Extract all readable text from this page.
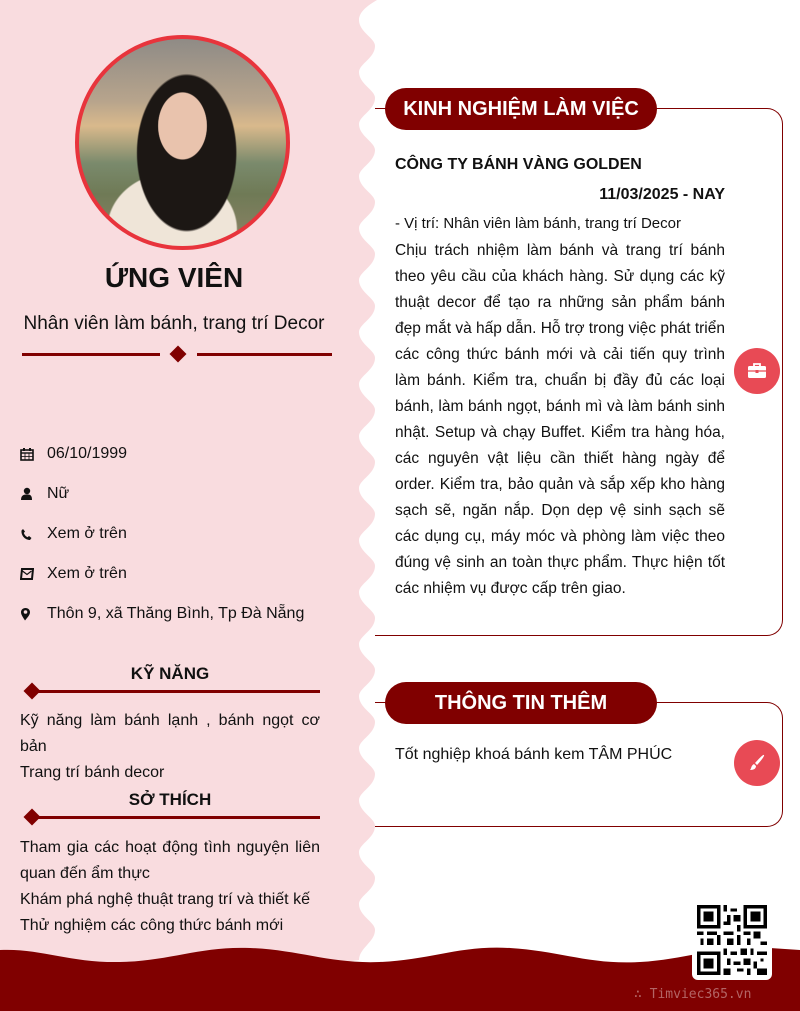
ỨNG VIÊN
Nhân viên làm bánh, trang trí Decor
06/10/1999
Nữ
Xem ở trên
Xem ở trên
Thôn 9, xã Thăng Bình, Tp Đà Nẵng
KỸ NĂNG
Kỹ năng làm bánh lạnh , bánh ngọt cơ bản
Trang trí bánh decor
SỞ THÍCH
Tham gia các hoạt động tình nguyện liên quan đến ẩm thực
Khám phá nghệ thuật trang trí và thiết kế
Thử nghiệm các công thức bánh mới
KINH NGHIỆM LÀM VIỆC
CÔNG TY BÁNH VÀNG GOLDEN
11/03/2025 - NAY
- Vị trí: Nhân viên làm bánh, trang trí Decor
Chịu trách nhiệm làm bánh và trang trí bánh theo yêu cầu của khách hàng. Sử dụng các kỹ thuật decor để tạo ra những sản phẩm bánh đẹp mắt và hấp dẫn. Hỗ trợ trong việc phát triển các công thức bánh mới và cải tiến quy trình làm bánh. Kiểm tra, chuẩn bị đầy đủ các loại bánh, làm bánh ngọt, bánh mì và làm bánh sinh nhật. Setup và chạy Buffet. Kiểm tra hàng hóa, các nguyên vật liệu cần thiết hàng ngày để order. Kiểm tra, bảo quản và sắp xếp kho hàng sạch sẽ, ngăn nắp. Dọn dẹp vệ sinh sạch sẽ các dụng cụ, máy móc và phòng làm việc theo đúng vệ sinh an toàn thực phẩm. Thực hiện tốt các nhiệm vụ được cấp trên giao.
THÔNG TIN THÊM
Tốt nghiệp khoá bánh kem TÂM PHÚC
∴ Timviec365.vn
